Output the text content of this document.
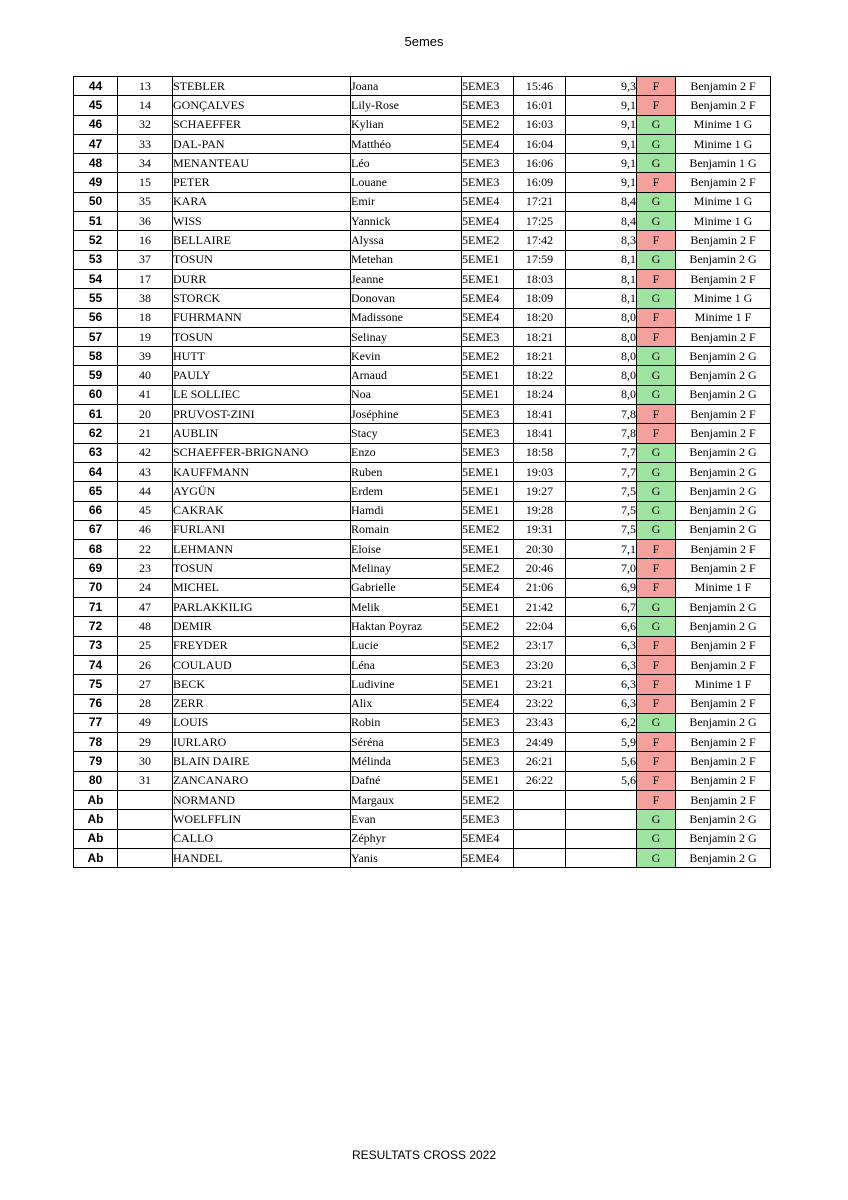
5emes
44	13	STEBLER	Joana	5EME3	15:46	9,3	F	Benjamin 2 F
45	14	GONÇALVES	Lily-Rose	5EME3	16:01	9,1	F	Benjamin 2 F
46	32	SCHAEFFER	Kylian	5EME2	16:03	9,1	G	Minime 1 G
47	33	DAL-PAN	Matthéo	5EME4	16:04	9,1	G	Minime 1 G
48	34	MENANTEAU	Léo	5EME3	16:06	9,1	G	Benjamin 1 G
49	15	PETER	Louane	5EME3	16:09	9,1	F	Benjamin 2 F
50	35	KARA	Emir	5EME4	17:21	8,4	G	Minime 1 G
51	36	WISS	Yannick	5EME4	17:25	8,4	G	Minime 1 G
52	16	BELLAIRE	Alyssa	5EME2	17:42	8,3	F	Benjamin 2 F
53	37	TOSUN	Metehan	5EME1	17:59	8,1	G	Benjamin 2 G
54	17	DURR	Jeanne	5EME1	18:03	8,1	F	Benjamin 2 F
55	38	STORCK	Donovan	5EME4	18:09	8,1	G	Minime 1 G
56	18	FUHRMANN	Madissone	5EME4	18:20	8,0	F	Minime 1 F
57	19	TOSUN	Selinay	5EME3	18:21	8,0	F	Benjamin 2 F
58	39	HUTT	Kevin	5EME2	18:21	8,0	G	Benjamin 2 G
59	40	PAULY	Arnaud	5EME1	18:22	8,0	G	Benjamin 2 G
60	41	LE SOLLIEC	Noa	5EME1	18:24	8,0	G	Benjamin 2 G
61	20	PRUVOST-ZINI	Joséphine	5EME3	18:41	7,8	F	Benjamin 2 F
62	21	AUBLIN	Stacy	5EME3	18:41	7,8	F	Benjamin 2 F
63	42	SCHAEFFER-BRIGNANO	Enzo	5EME3	18:58	7,7	G	Benjamin 2 G
64	43	KAUFFMANN	Ruben	5EME1	19:03	7,7	G	Benjamin 2 G
65	44	AYGÜN	Erdem	5EME1	19:27	7,5	G	Benjamin 2 G
66	45	CAKRAK	Hamdi	5EME1	19:28	7,5	G	Benjamin 2 G
67	46	FURLANI	Romain	5EME2	19:31	7,5	G	Benjamin 2 G
68	22	LEHMANN	Eloise	5EME1	20:30	7,1	F	Benjamin 2 F
69	23	TOSUN	Melinay	5EME2	20:46	7,0	F	Benjamin 2 F
70	24	MICHEL	Gabrielle	5EME4	21:06	6,9	F	Minime 1 F
71	47	PARLAKKILIG	Melik	5EME1	21:42	6,7	G	Benjamin 2 G
72	48	DEMIR	Haktan Poyraz	5EME2	22:04	6,6	G	Benjamin 2 G
73	25	FREYDER	Lucie	5EME2	23:17	6,3	F	Benjamin 2 F
74	26	COULAUD	Léna	5EME3	23:20	6,3	F	Benjamin 2 F
75	27	BECK	Ludivine	5EME1	23:21	6,3	F	Minime 1 F
76	28	ZERR	Alix	5EME4	23:22	6,3	F	Benjamin 2 F
77	49	LOUIS	Robin	5EME3	23:43	6,2	G	Benjamin 2 G
78	29	IURLARO	Séréna	5EME3	24:49	5,9	F	Benjamin 2 F
79	30	BLAIN DAIRE	Mélinda	5EME3	26:21	5,6	F	Benjamin 2 F
80	31	ZANCANARO	Dafné	5EME1	26:22	5,6	F	Benjamin 2 F
Ab		NORMAND	Margaux	5EME2			F	Benjamin 2 F
Ab		WOELFFLIN	Evan	5EME3			G	Benjamin 2 G
Ab		CALLO	Zéphyr	5EME4			G	Benjamin 2 G
Ab		HANDEL	Yanis	5EME4			G	Benjamin 2 G
RESULTATS CROSS 2022
